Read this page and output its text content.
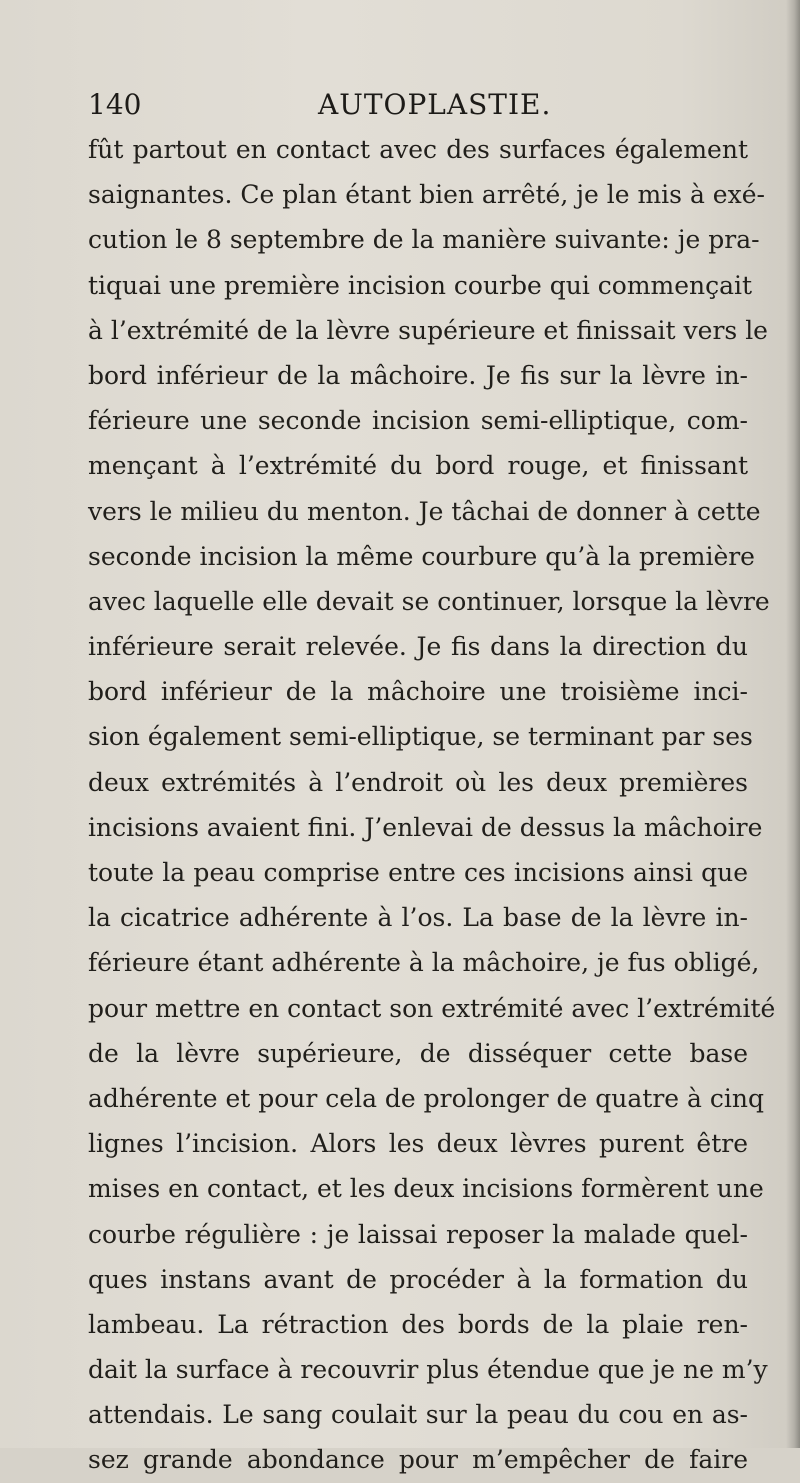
140	AUTOPLASTIE.
fût partout en contact avec des surfaces également
saignantes. Ce plan étant bien arrêté, je le mis à exé-
cution le 8 septembre de la manière suivante: je pra-
tiquai une première incision courbe qui commençait
à l’extrémité de la lèvre supérieure et finissait vers le
bord inférieur de la mâchoire. Je fis sur la lèvre in-
férieure une seconde incision semi-elliptique, com-
mençant à l’extrémité du bord rouge, et finissant
vers le milieu du menton. Je tâchai de donner à cette
seconde incision la même courbure qu’à la première
avec laquelle elle devait se continuer, lorsque la lèvre
inférieure serait relevée. Je fis dans la direction du
bord inférieur de la mâchoire une troisième inci-
sion également semi-elliptique, se terminant par ses
deux extrémités à l’endroit où les deux premières
incisions avaient fini. J’enlevai de dessus la mâchoire
toute la peau comprise entre ces incisions ainsi que
la cicatrice adhérente à l’os. La base de la lèvre in-
férieure étant adhérente à la mâchoire, je fus obligé,
pour mettre en contact son extrémité avec l’extrémité
de la lèvre supérieure, de disséquer cette base
adhérente et pour cela de prolonger de quatre à cinq
lignes l’incision. Alors les deux lèvres purent être
mises en contact, et les deux incisions formèrent une
courbe régulière : je laissai reposer la malade quel-
ques instans avant de procéder à la formation du
lambeau. La rétraction des bords de la plaie ren-
dait la surface à recouvrir plus étendue que je ne m’y
attendais. Le sang coulait sur la peau du cou en as-
sez grande abondance pour m’empêcher de faire
